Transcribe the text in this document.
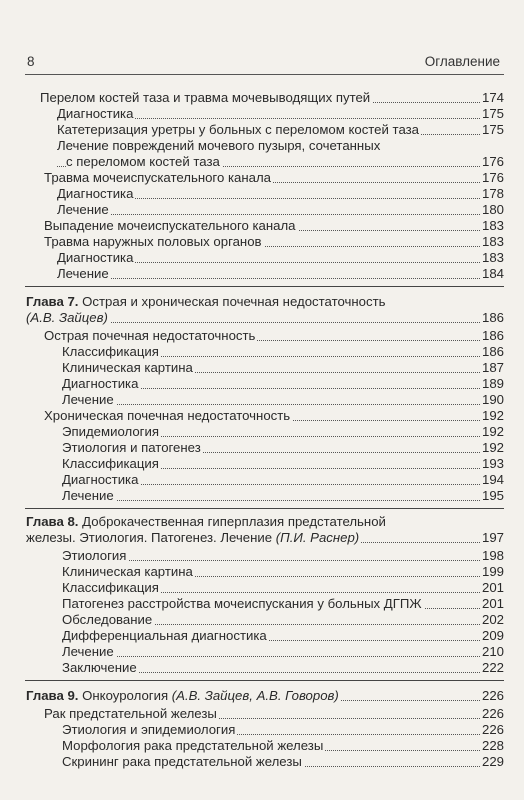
8	Оглавление
Перелом костей таза и травма мочевыводящих путей	174
Диагностика	175
Катетеризация уретры у больных с переломом костей таза	175
Лечение повреждений мочевого пузыря, сочетанных
с переломом костей таза	176
Травма мочеиспускательного канала	176
Диагностика	178
Лечение	180
Выпадение мочеиспускательного канала	183
Травма наружных половых органов	183
Диагностика	183
Лечение	184
Глава 7. Острая и хроническая почечная недостаточность
(А.В. Зайцев)	186
Острая почечная недостаточность	186
Классификация	186
Клиническая картина	187
Диагностика	189
Лечение	190
Хроническая почечная недостаточность	192
Эпидемиология	192
Этиология и патогенез	192
Классификация	193
Диагностика	194
Лечение	195
Глава 8. Доброкачественная гиперплазия предстательной
железы. Этиология. Патогенез. Лечение (П.И. Раснер)	197
Этиология	198
Клиническая картина	199
Классификация	201
Патогенез расстройства мочеиспускания у больных ДГПЖ	201
Обследование	202
Дифференциальная диагностика	209
Лечение	210
Заключение	222
Глава 9. Онкоурология (А.В. Зайцев, А.В. Говоров)	226
Рак предстательной железы	226
Этиология и эпидемиология	226
Морфология рака предстательной железы	228
Скрининг рака предстательной железы	229
